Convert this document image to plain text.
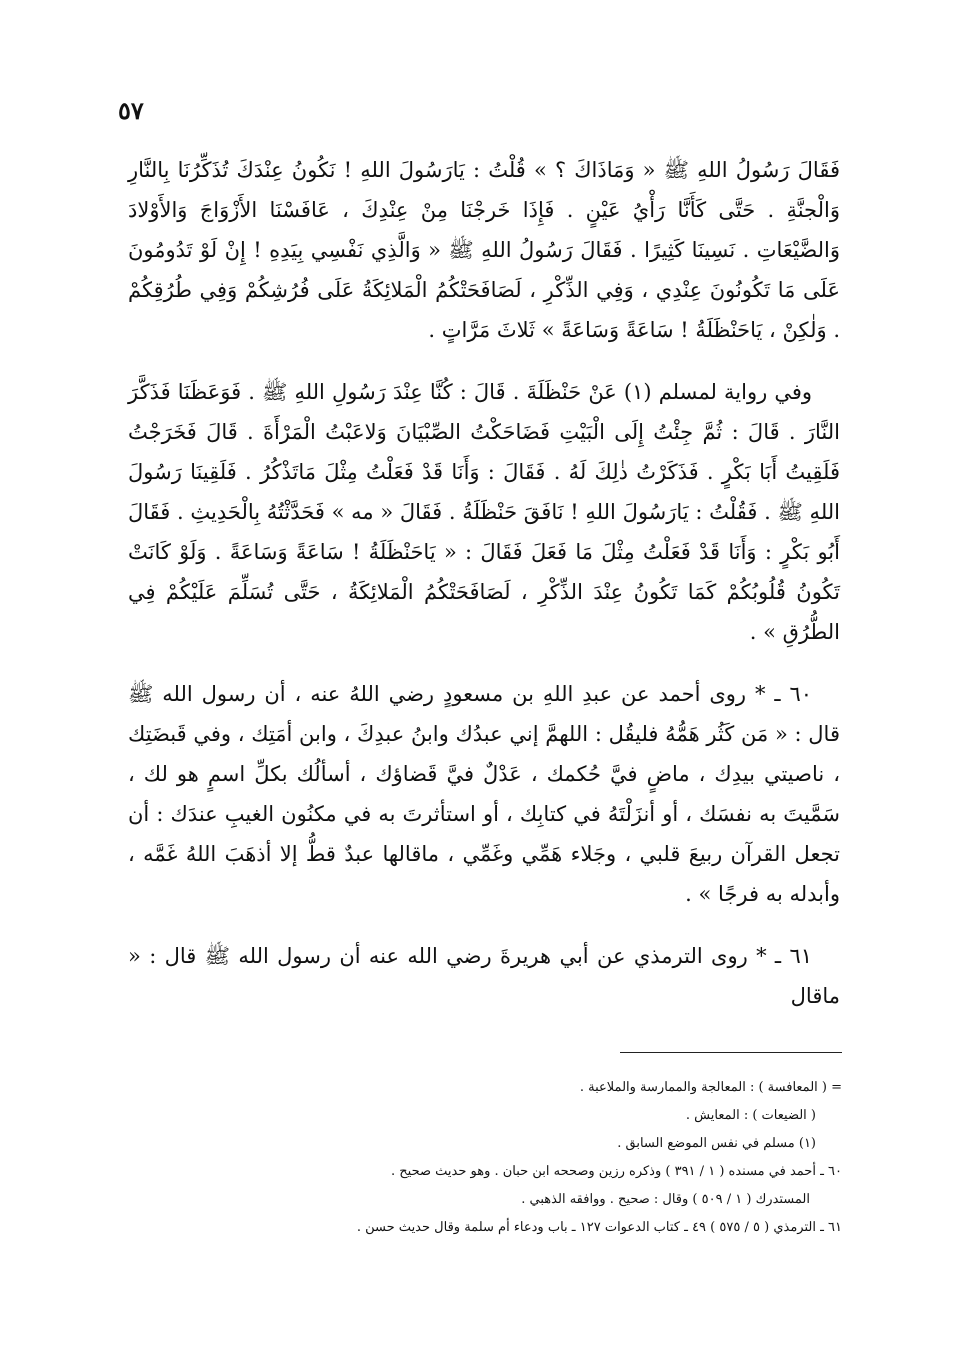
٥٧

فَقَالَ رَسُولُ اللهِ ﷺ « وَمَاذَاكَ ؟ » قُلْتُ : يَارَسُولَ اللهِ ! نَكُونُ عِنْدَكَ تُذَكِّرُنَا بِالنَّارِ وَالْجنَّةِ . حَتَّى كَأَنَّا رَأْيُ عَيْنٍ . فَإِذَا خَرجْنَا مِنْ عِنْدِكَ ، عَافَسْنَا الأَزْوَاجَ وَالأَوْلادَ وَالضَّيْعَاتِ . نَسِينَا كَثِيرًا . فَقَالَ رَسُولُ اللهِ ﷺ « وَالَّذِي نَفْسِي بِيَدِهِ ! إِنْ لَوْ تَدُومُونَ عَلَى مَا تَكُونُونَ عِنْدِي ، وَفِي الذِّكْرِ ، لَصَافَحَتْكُمُ الْمَلائِكَةُ عَلَى فُرُشِكُمْ وَفِي طُرُقِكُمْ . وَلٰكِنْ ، يَاحَنْظَلَةُ ! سَاعَةً وَسَاعَةً » ثَلاثَ مَرَّاتٍ .

وفي رواية لمسلم (١) عَنْ حَنْظَلَةَ . قَالَ : كُنَّا عِنْدَ رَسُولِ اللهِ ﷺ . فَوَعَظَنَا فَذَكَّرَ النَّارَ . قَالَ : ثُمَّ جِئْتُ إِلَى الْبَيْتِ فَضَاحَكْتُ الصِّبْيَانَ وَلاعَبْتُ الْمَرْأَةَ . قَالَ فَخَرَجْتُ فَلَقِيتُ أَبَا بَكْرٍ . فَذَكَرْتُ ذٰلِكَ لَهُ . فَقَالَ : وَأَنَا قَدْ فَعَلْتُ مِثْلَ مَاتَذْكُرُ . فَلَقِينَا رَسُولَ اللهِ ﷺ . فَقُلْتُ : يَارَسُولَ اللهِ ! نَافَقَ حَنْظَلَةُ . فَقَالَ « مه » فَحَدَّثْتُهُ بِالْحَدِيثِ . فَقَالَ أَبُو بَكْرٍ : وَأَنَا قَدْ فَعَلْتُ مِثْلَ مَا فَعَلَ فَقَالَ : « يَاحَنْظَلَةُ ! سَاعَةً وَسَاعَةً . وَلَوْ كَانَتْ تَكُونُ قُلُوبُكُمْ كَمَا تَكُونُ عِنْدَ الذِّكْرِ ، لَصَافَحَتْكُمُ الْمَلائِكَةُ ، حَتَّى تُسَلِّمَ عَلَيْكُمْ فِي الطُّرُقِ » .

٦٠ ـ * روى أحمد عن عبدِ اللهِ بن مسعودٍ رضي اللهُ عنه ، أن رسول الله ﷺ قال : « مَن كَثُر هَمُّهُ فليقُل : اللهمَّ إني عبدُك وابنُ عبدِكَ ، وابن أمَتِك ، وفي قَبضَتِك ، ناصيتي بيدِك ، ماضٍ فيَّ حُكمك ، عَدْلٌ فيَّ قَضاؤك ، أسألُك بكلِّ اسمٍ هو لك ، سَمَّيتَ به نفسَك ، أو أنزَلْتَهُ في كتابِك ، أو استأثرتَ به في مكنُون الغيبِ عندَك : أن تجعل القرآن ربيعَ قلبي ، وجَلاء هَمِّي وغَمِّي ، ماقالها عبدٌ قطُّ إلا أذهَبَ اللهُ غَمَّه ، وأبدله به فرجًا » .

٦١ ـ * روى الترمذي عن أبي هريرةَ رضي الله عنه أن رسول الله ﷺ قال : « ماقال

= ( المعافسة ) : المعالجة والممارسة والملاعبة .
( الضيعات ) : المعايش .
(١) مسلم في نفس الموضع السابق .
٦٠ ـ أحمد في مسنده ( ١ / ٣٩١ ) وذكره رزين وصححه ابن حبان . وهو حديث صحيح .
المستدرك ( ١ / ٥٠٩ ) وقال : صحيح . ووافقه الذهبي .
٦١ ـ الترمذي ( ٥ / ٥٧٥ ) ٤٩ ـ كتاب الدعوات ١٢٧ ـ باب ودعاء أم سلمة وقال حديث حسن .
